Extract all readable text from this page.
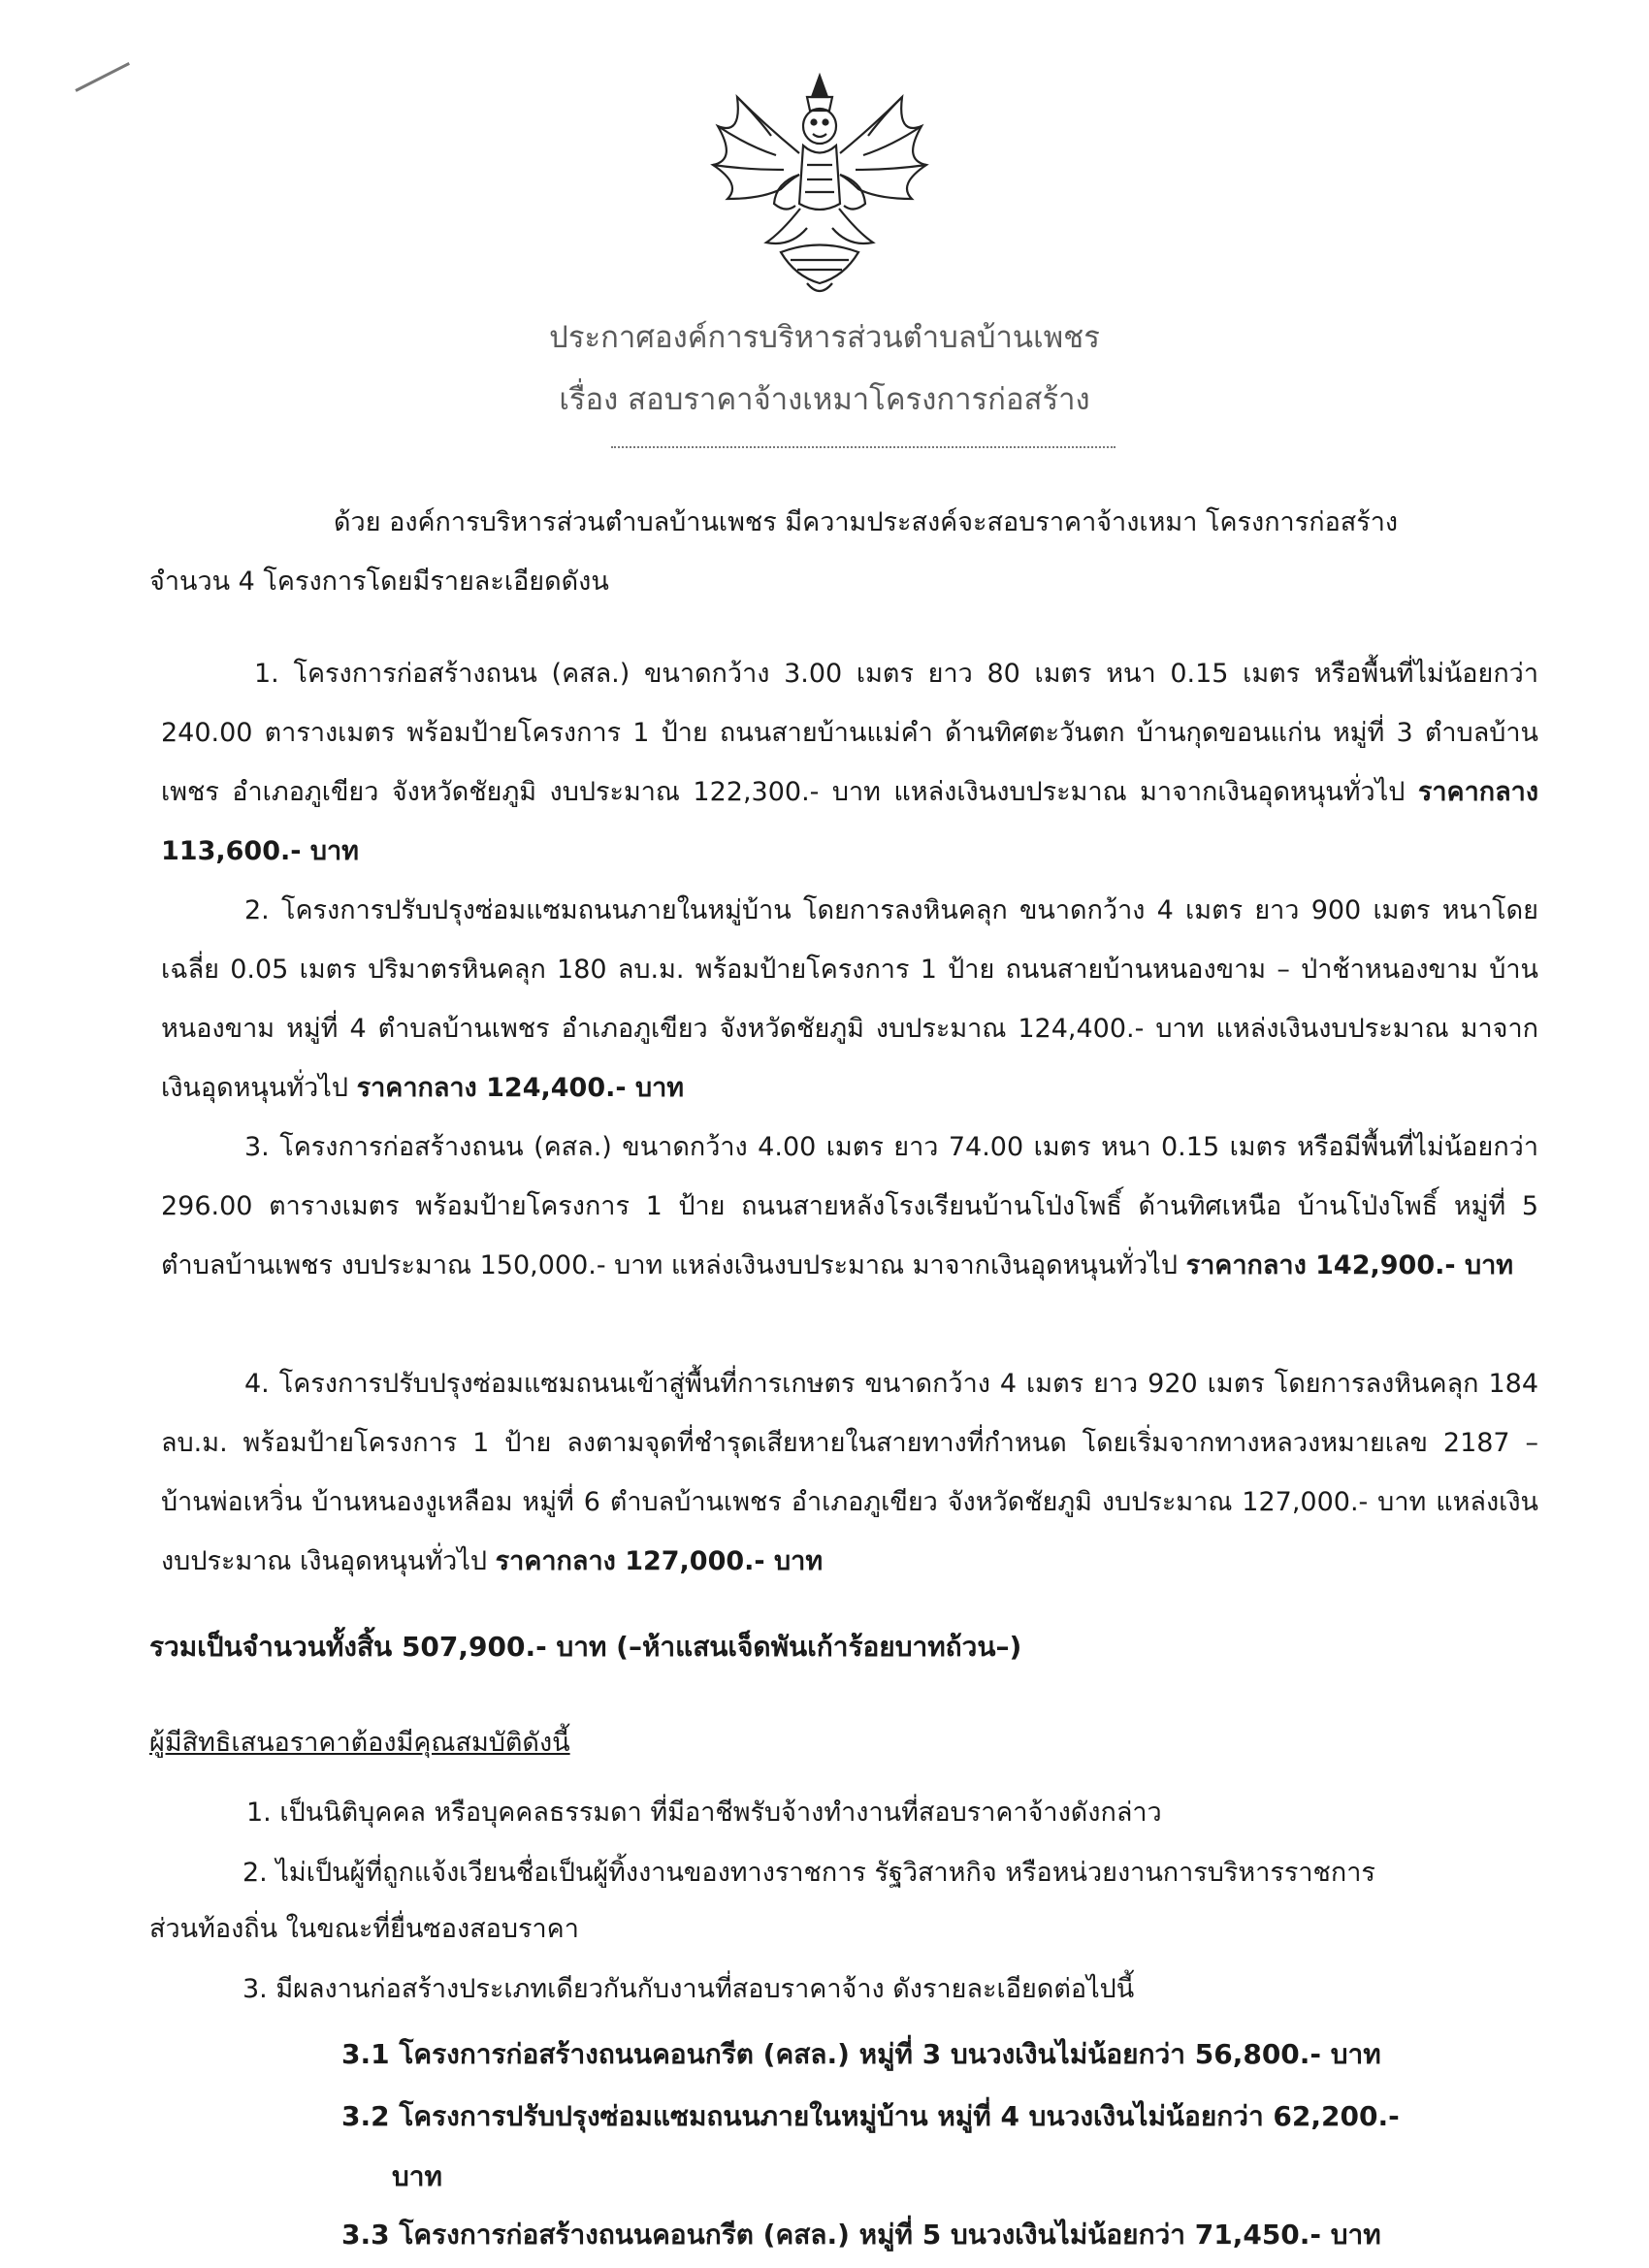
ประกาศองค์การบริหารส่วนตำบลบ้านเพชร
เรื่อง สอบราคาจ้างเหมาโครงการก่อสร้าง
ด้วย องค์การบริหารส่วนตำบลบ้านเพชร มีความประสงค์จะสอบราคาจ้างเหมา โครงการก่อสร้าง
จำนวน 4 โครงการโดยมีรายละเอียดดังน
1. โครงการก่อสร้างถนน (คสล.) ขนาดกว้าง 3.00 เมตร ยาว 80 เมตร หนา 0.15 เมตร หรือพื้นที่ไม่น้อยกว่า 240.00 ตารางเมตร พร้อมป้ายโครงการ 1 ป้าย ถนนสายบ้านแม่คำ ด้านทิศตะวันตก บ้านกุดขอนแก่น หมู่ที่ 3 ตำบลบ้านเพชร อำเภอภูเขียว จังหวัดชัยภูมิ งบประมาณ 122,300.- บาท แหล่งเงินงบประมาณ มาจากเงินอุดหนุนทั่วไป ราคากลาง 113,600.- บาท
2. โครงการปรับปรุงซ่อมแซมถนนภายในหมู่บ้าน โดยการลงหินคลุก ขนาดกว้าง 4 เมตร ยาว 900 เมตร หนาโดยเฉลี่ย 0.05 เมตร ปริมาตรหินคลุก 180 ลบ.ม. พร้อมป้ายโครงการ 1 ป้าย ถนนสายบ้านหนองขาม – ป่าช้าหนองขาม บ้านหนองขาม หมู่ที่ 4 ตำบลบ้านเพชร อำเภอภูเขียว จังหวัดชัยภูมิ งบประมาณ 124,400.- บาท แหล่งเงินงบประมาณ มาจากเงินอุดหนุนทั่วไป ราคากลาง 124,400.- บาท
3. โครงการก่อสร้างถนน (คสล.) ขนาดกว้าง 4.00 เมตร ยาว 74.00 เมตร หนา 0.15 เมตร หรือมีพื้นที่ไม่น้อยกว่า 296.00 ตารางเมตร พร้อมป้ายโครงการ 1 ป้าย ถนนสายหลังโรงเรียนบ้านโป่งโพธิ์ ด้านทิศเหนือ บ้านโป่งโพธิ์ หมู่ที่ 5 ตำบลบ้านเพชร งบประมาณ 150,000.- บาท แหล่งเงินงบประมาณ มาจากเงินอุดหนุนทั่วไป ราคากลาง 142,900.- บาท
4. โครงการปรับปรุงซ่อมแซมถนนเข้าสู่พื้นที่การเกษตร ขนาดกว้าง 4 เมตร ยาว 920 เมตร โดยการลงหินคลุก 184 ลบ.ม. พร้อมป้ายโครงการ 1 ป้าย ลงตามจุดที่ชำรุดเสียหายในสายทางที่กำหนด โดยเริ่มจากทางหลวงหมายเลข 2187 – บ้านพ่อเหวิ่น บ้านหนองงูเหลือม หมู่ที่ 6 ตำบลบ้านเพชร อำเภอภูเขียว จังหวัดชัยภูมิ งบประมาณ 127,000.- บาท แหล่งเงินงบประมาณ เงินอุดหนุนทั่วไป ราคากลาง 127,000.- บาท
รวมเป็นจำนวนทั้งสิ้น 507,900.- บาท (–ห้าแสนเจ็ดพันเก้าร้อยบาทถ้วน–)
ผู้มีสิทธิเสนอราคาต้องมีคุณสมบัติดังนี้
1. เป็นนิติบุคคล หรือบุคคลธรรมดา ที่มีอาชีพรับจ้างทำงานที่สอบราคาจ้างดังกล่าว
2. ไม่เป็นผู้ที่ถูกแจ้งเวียนชื่อเป็นผู้ทิ้งงานของทางราชการ รัฐวิสาหกิจ หรือหน่วยงานการบริหารราชการ
ส่วนท้องถิ่น ในขณะที่ยื่นซองสอบราคา
3. มีผลงานก่อสร้างประเภทเดียวกันกับงานที่สอบราคาจ้าง ดังรายละเอียดต่อไปนี้
3.1 โครงการก่อสร้างถนนคอนกรีต (คสล.) หมู่ที่ 3 บนวงเงินไม่น้อยกว่า 56,800.- บาท
3.2 โครงการปรับปรุงซ่อมแซมถนนภายในหมู่บ้าน หมู่ที่ 4 บนวงเงินไม่น้อยกว่า 62,200.-
บาท
3.3 โครงการก่อสร้างถนนคอนกรีต (คสล.) หมู่ที่ 5 บนวงเงินไม่น้อยกว่า 71,450.- บาท
